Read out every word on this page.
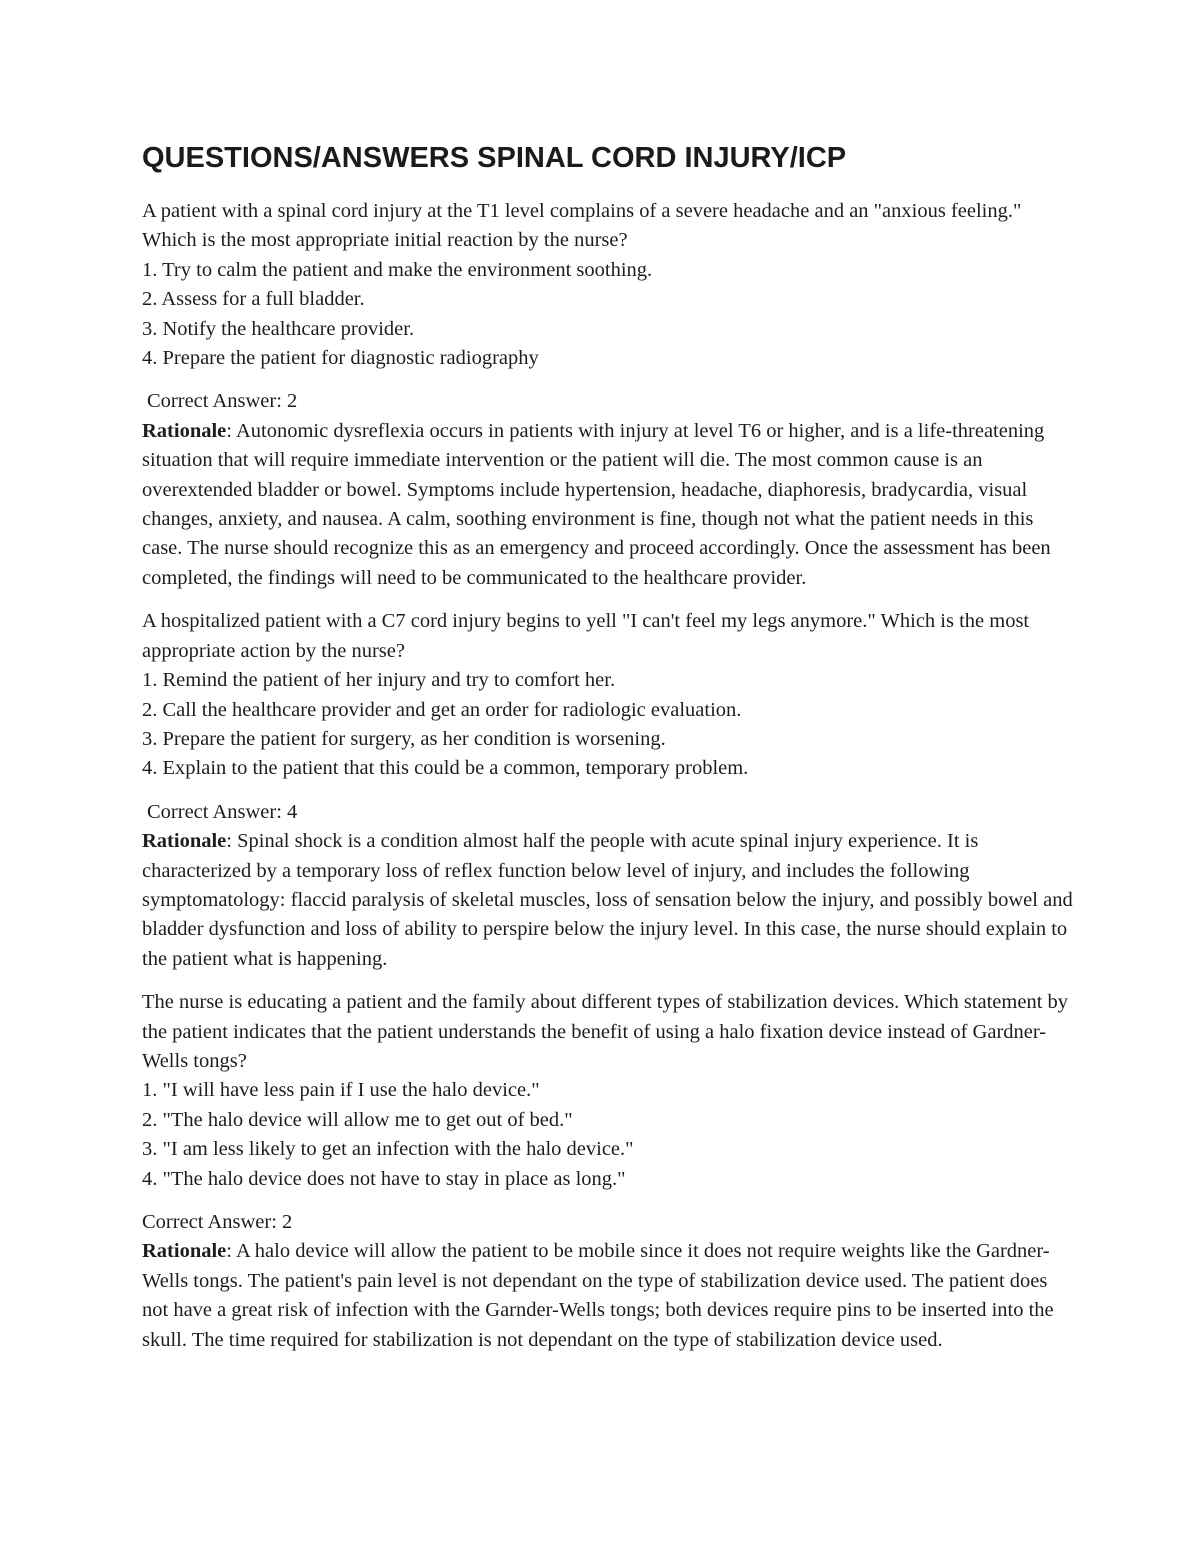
QUESTIONS/ANSWERS SPINAL CORD INJURY/ICP

A patient with a spinal cord injury at the T1 level complains of a severe headache and an "anxious feeling." Which is the most appropriate initial reaction by the nurse?

1. Try to calm the patient and make the environment soothing.
2. Assess for a full bladder.
3. Notify the healthcare provider.
4. Prepare the patient for diagnostic radiography

Correct Answer: 2

Rationale: Autonomic dysreflexia occurs in patients with injury at level T6 or higher, and is a life-threatening situation that will require immediate intervention or the patient will die. The most common cause is an overextended bladder or bowel. Symptoms include hypertension, headache, diaphoresis, bradycardia, visual changes, anxiety, and nausea. A calm, soothing environment is fine, though not what the patient needs in this case. The nurse should recognize this as an emergency and proceed accordingly. Once the assessment has been completed, the findings will need to be communicated to the healthcare provider.

A hospitalized patient with a C7 cord injury begins to yell "I can't feel my legs anymore." Which is the most appropriate action by the nurse?

1. Remind the patient of her injury and try to comfort her.
2. Call the healthcare provider and get an order for radiologic evaluation.
3. Prepare the patient for surgery, as her condition is worsening.
4. Explain to the patient that this could be a common, temporary problem.

Correct Answer: 4

Rationale: Spinal shock is a condition almost half the people with acute spinal injury experience. It is characterized by a temporary loss of reflex function below level of injury, and includes the following symptomatology: flaccid paralysis of skeletal muscles, loss of sensation below the injury, and possibly bowel and bladder dysfunction and loss of ability to perspire below the injury level. In this case, the nurse should explain to the patient what is happening.

The nurse is educating a patient and the family about different types of stabilization devices. Which statement by the patient indicates that the patient understands the benefit of using a halo fixation device instead of Gardner-Wells tongs?

1. "I will have less pain if I use the halo device."
2. "The halo device will allow me to get out of bed."
3. "I am less likely to get an infection with the halo device."
4. "The halo device does not have to stay in place as long."

Correct Answer: 2

Rationale: A halo device will allow the patient to be mobile since it does not require weights like the Gardner-Wells tongs. The patient's pain level is not dependant on the type of stabilization device used. The patient does not have a great risk of infection with the Garnder-Wells tongs; both devices require pins to be inserted into the skull. The time required for stabilization is not dependant on the type of stabilization device used.
